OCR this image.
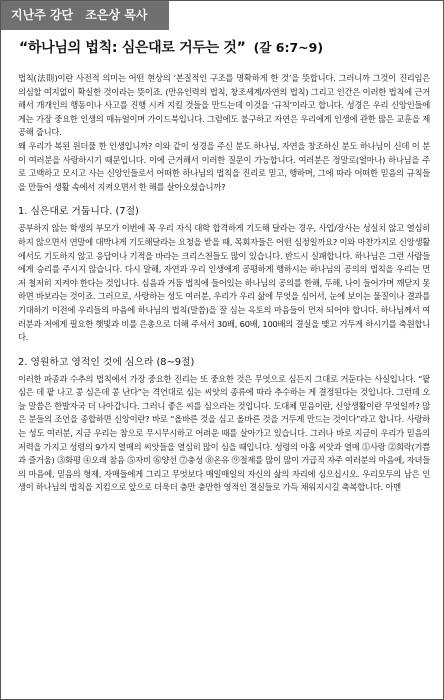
지난주 강단 조은상 목사
“하나님의 법칙: 심은대로 거두는 것” (갈 6:7~9)

법칙(法則)이란 사전적 의미는 어떤 현상의 ‘본질적인 구조를 명확하게 한 것’을 뜻합니다. 그러니까 그것이 진리임은 의심할 여지없이 확실한 것이라는 뜻이죠. (만유인력의 법칙, 창조세계/자연의 법칙) 그리고 인간은 이러한 법칙에 근거해서 개개인의 행동이나 사고를 진행 시켜 지킬 것들을 만드는데 이것을 ‘규칙’이라고 합니다. 성경은 우리 신앙인들에게는 가장 중요한 인생의 매뉴얼이며 가이드북입니다. 그럼에도 불구하고 자연은 우리에게 인생에 관한 많은 교훈을 제공해 줍니다.

왜 우리가 복된 원더풀 한 인생입니까? 이와 같이 성경을 주신 분도 하나님, 자연을 창조하신 분도 하나님이 신데 이 분이 여러분을 사랑하시기 때문입니다. 이에 근거해서 이러한 질문이 가능합니다. 여러분은 정말로(얼마나) 하나님을 주로 고백하고 모시고 사는 신앙인들로서 어떠한 하나님의 법칙을 진리로 믿고, 행하며, 그에 따라 어떠한 믿음의 규칙들을 만들어 생활 속에서 지켜오면서 한 해를 살아오셨습니까?

1. 심은대로 거둡니다. (7절)

공부하지 않는 학생의 부모가 이번에 꼭 우리 자식 대학 합격하게 기도해 달라는 경우, 사업/장사는 성실치 않고 열심히 하지 않으면서 연말에 대박나게 기도해달라는 요청을 받을 때, 목회자들은 어떤 심정일까요? 이와 마찬가지로 신앙생활에서도 기도하지 않고 응답이나 기적을 바라는 크리스천들도 많이 있습니다. 반드시 실패합니다. 하나님은 그런 사람들에게 승리를 주시지 않습니다. 다시 말해, 자연과 우리 인생에게 공평하게 행하시는 하나님의 공의의 법칙을 우리는 먼저 철저히 지켜야 한다는 것입니다. 심음과 거둠 법칙에 들어있는 하나님의 공의를 한해, 두해, 나이 들어가며 깨닫지 못하면 바보라는 것이죠. 그러므로, 사랑하는 성도 여러분, 우리가 우리 삶에 무엇을 심어서, 눈에 보이는 물질이나 결과를 기대하기 이전에 우리들의 마음에 하나님의 법칙(말씀)을 잘 심는 옥토의 마음들이 먼저 되어야 합니다. 하나님께서 여러분과 저에게 필요한 햇빛과 비를 은총으로 더해 주셔서 30배, 60배, 100배의 결실을 맺고 거두게 하시기를 축원합니다.

2. 영원하고 영적인 것에 심으라 (8~9절)

이러한 파종과 수추의 법칙에서 가장 중요한 진리는 또 중요한 것은 무엇으로 심든지 그대로 거둔다는 사실입니다. “팥 심은 데 팥 나고 콩 심은데 콩 난다”는 격언대로 심는 씨앗의 종류에 따라 추수하는 게 결정된다는 것입니다. 그런데 오늘 말씀은 한발자국 더 나아갑니다. 그러니 좋은 씨를 심으라는 것입니다. 도대체 믿음이란, 신앙생활이란 무엇일까? 많은 분들의 조언을 종합하면 신앙이란? 바로 “올바른 것을 심고 올바른 것을 거두게 만드는 것이다”라고 합니다. 사랑하는 성도 여러분, 지금 우리는 참으로 무시무시하고 어려운 때를 살아가고 있습니다. 그러나 바로 지금이 우리가 믿음의 저력을 가지고 성령의 9가지 열매의 씨앗들을 열심히 많이 심을 때입니다. 성령의 아홉 씨앗과 열매 ⓵사랑 ⓶희락(기쁨과 즐거움) ⓷화평 ⓸오래 참음 ⓹자비 ⓺양선 ⓻충성 ⓼온유 ⓽절제를 많이 많이 거급직 자주 여러분의 마음에, 자녀들의 마음에, 믿음의 형제, 자매들에게 그리고 무엇보다 매일매일의 자신의 삶의 자리에 심으십시오. 우리모두의 남은 인생이 하나님의 법칙을 지킴으로 앞으로 더욱더 충만 충만한 영적인 결실들로 가득 채워지시길 축복합니다. 아멘
